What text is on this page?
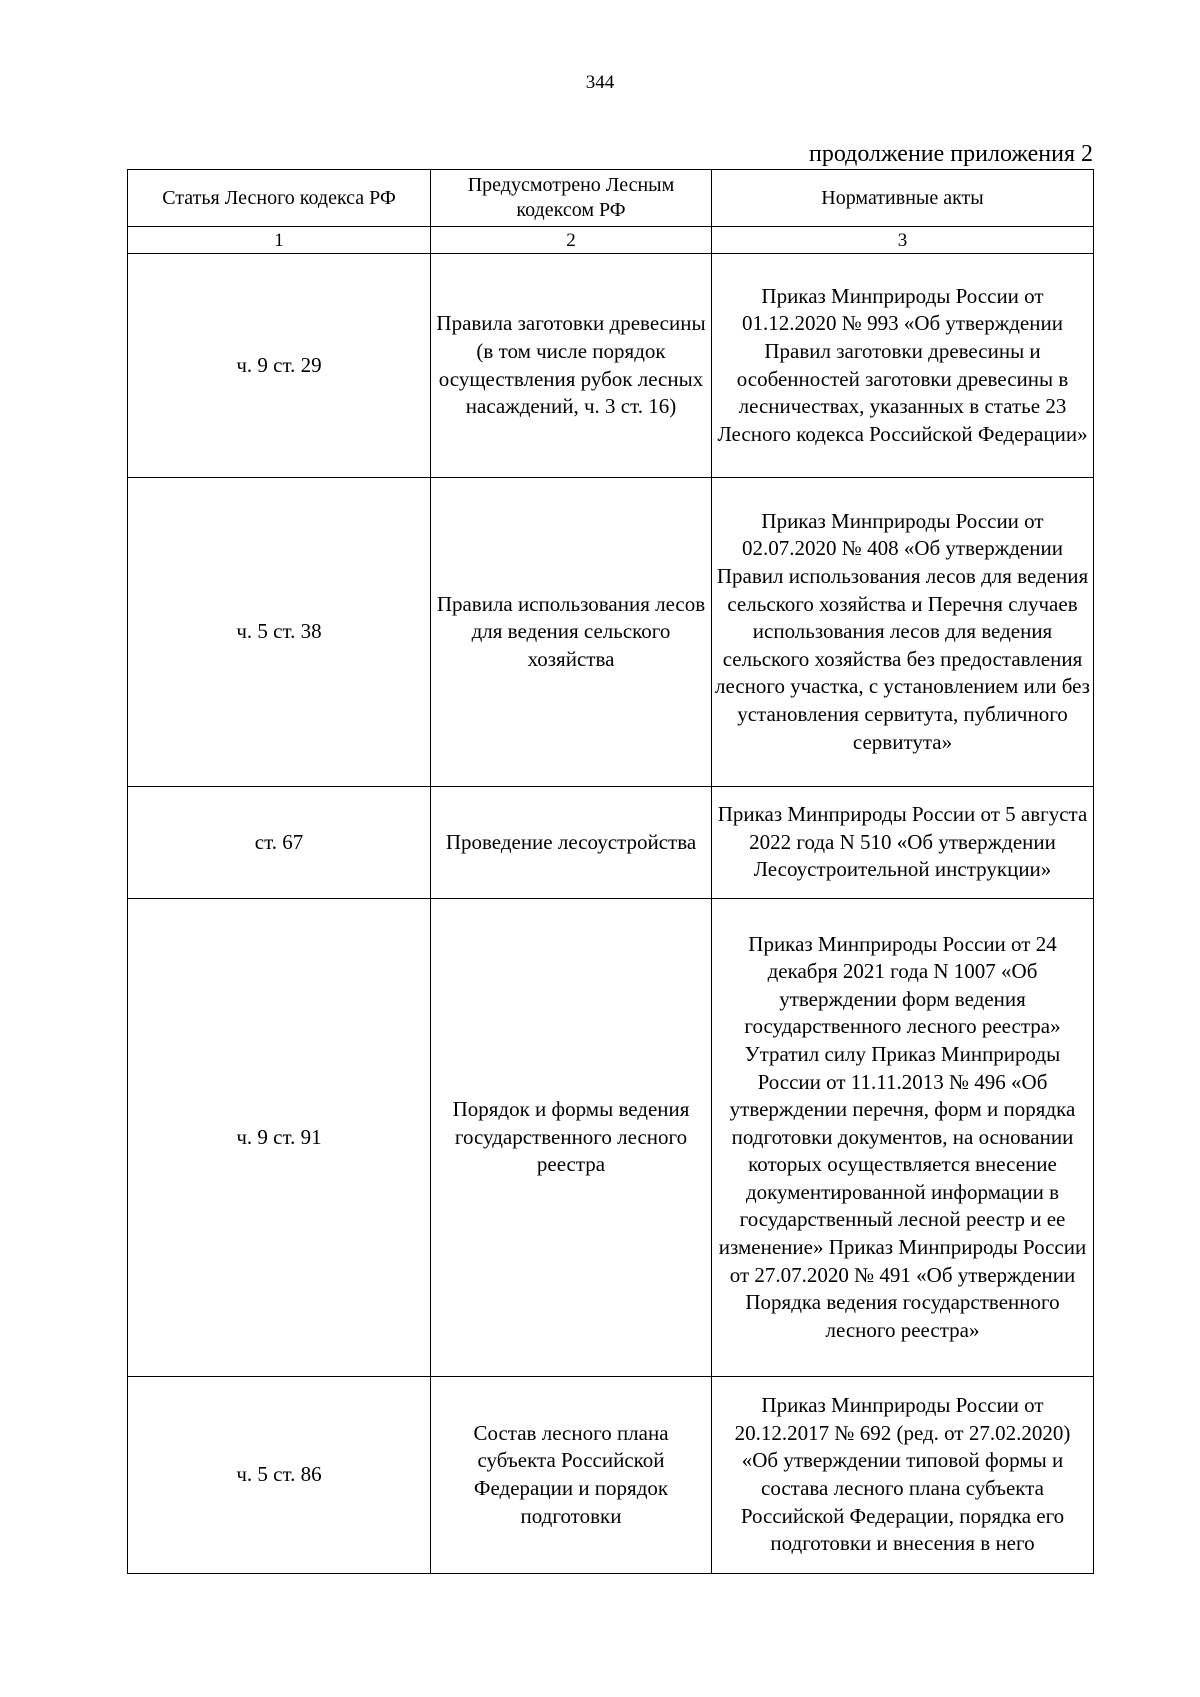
344
продолжение приложения 2
Статья Лесного кодекса РФ	Предусмотрено Лесным кодексом РФ	Нормативные акты
1	2	3
ч. 9 ст. 29	Правила заготовки древесины (в том числе порядок осуществления рубок лесных насаждений, ч. 3 ст. 16)	Приказ Минприроды России от 01.12.2020 № 993 «Об утверждении Правил заготовки древесины и особенностей заготовки древесины в лесничествах, указанных в статье 23 Лесного кодекса Российской Федерации»
ч. 5 ст. 38	Правила использования лесов для ведения сельского хозяйства	Приказ Минприроды России от 02.07.2020 № 408 «Об утверждении Правил использования лесов для ведения сельского хозяйства и Перечня случаев использования лесов для ведения сельского хозяйства без предоставления лесного участка, с установлением или без установления сервитута, публичного сервитута»
ст. 67	Проведение лесоустройства	Приказ Минприроды России от 5 августа 2022 года N 510 «Об утверждении Лесоустроительной инструкции»
ч. 9 ст. 91	Порядок и формы ведения государственного лесного реестра	Приказ Минприроды России от 24 декабря 2021 года N 1007 «Об утверждении форм ведения государственного лесного реестра» Утратил силу Приказ Минприроды России от 11.11.2013 № 496 «Об утверждении перечня, форм и порядка подготовки документов, на основании которых осуществляется внесение документированной информации в государственный лесной реестр и ее изменение» Приказ Минприроды России от 27.07.2020 № 491 «Об утверждении Порядка ведения государственного лесного реестра»
ч. 5 ст. 86	Состав лесного плана субъекта Российской Федерации и порядок подготовки	Приказ Минприроды России от 20.12.2017 № 692 (ред. от 27.02.2020) «Об утверждении типовой формы и состава лесного плана субъекта Российской Федерации, порядка его подготовки и внесения в него
